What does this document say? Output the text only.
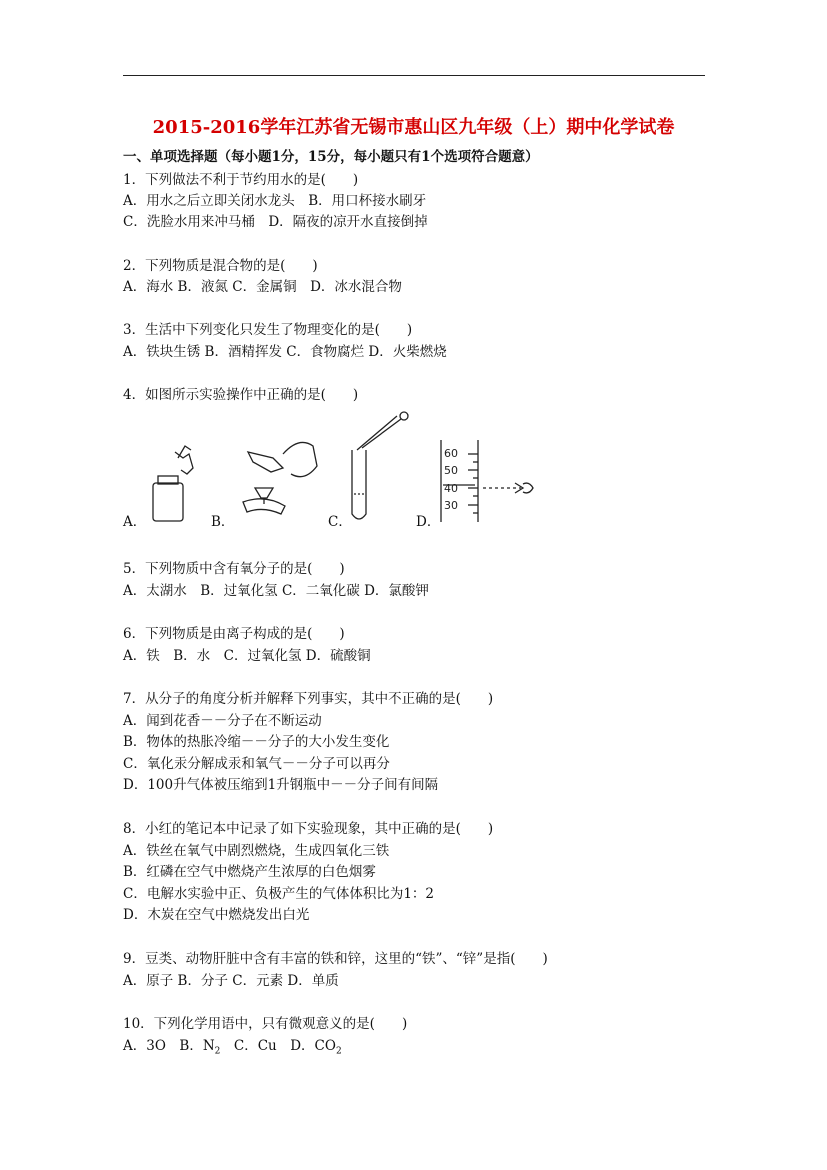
2015-2016学年江苏省无锡市惠山区九年级（上）期中化学试卷
一、单项选择题（每小题1分，15分，每小题只有1个选项符合题意）
1．下列做法不利于节约用水的是(　　)
A．用水之后立即关闭水龙头　B．用口杯接水刷牙
C．洗脸水用来冲马桶　D．隔夜的凉开水直接倒掉
2．下列物质是混合物的是(　　)
A．海水 B．液氮 C．金属铜　D．冰水混合物
3．生活中下列变化只发生了物理变化的是(　　)
A．铁块生锈 B．酒精挥发 C．食物腐烂 D．火柴燃烧
4．如图所示实验操作中正确的是(　　)
60
50
40
30
A．	B．	C．	D．
5．下列物质中含有氧分子的是(　　)
A．太湖水　B．过氧化氢 C．二氧化碳 D．氯酸钾
6．下列物质是由离子构成的是(　　)
A．铁　B．水　C．过氧化氢 D．硫酸铜
7．从分子的角度分析并解释下列事实，其中不正确的是(　　)
A．闻到花香－－分子在不断运动
B．物体的热胀冷缩－－分子的大小发生变化
C．氧化汞分解成汞和氧气－－分子可以再分
D．100升气体被压缩到1升钢瓶中－－分子间有间隔
8．小红的笔记本中记录了如下实验现象，其中正确的是(　　)
A．铁丝在氧气中剧烈燃烧，生成四氧化三铁
B．红磷在空气中燃烧产生浓厚的白色烟雾
C．电解水实验中正、负极产生的气体体积比为1：2
D．木炭在空气中燃烧发出白光
9．豆类、动物肝脏中含有丰富的铁和锌，这里的“铁”、“锌”是指(　　)
A．原子 B．分子 C．元素 D．单质
10．下列化学用语中，只有微观意义的是(　　)
A．3O　B．$N_2$　C．Cu　D．$CO_2$
